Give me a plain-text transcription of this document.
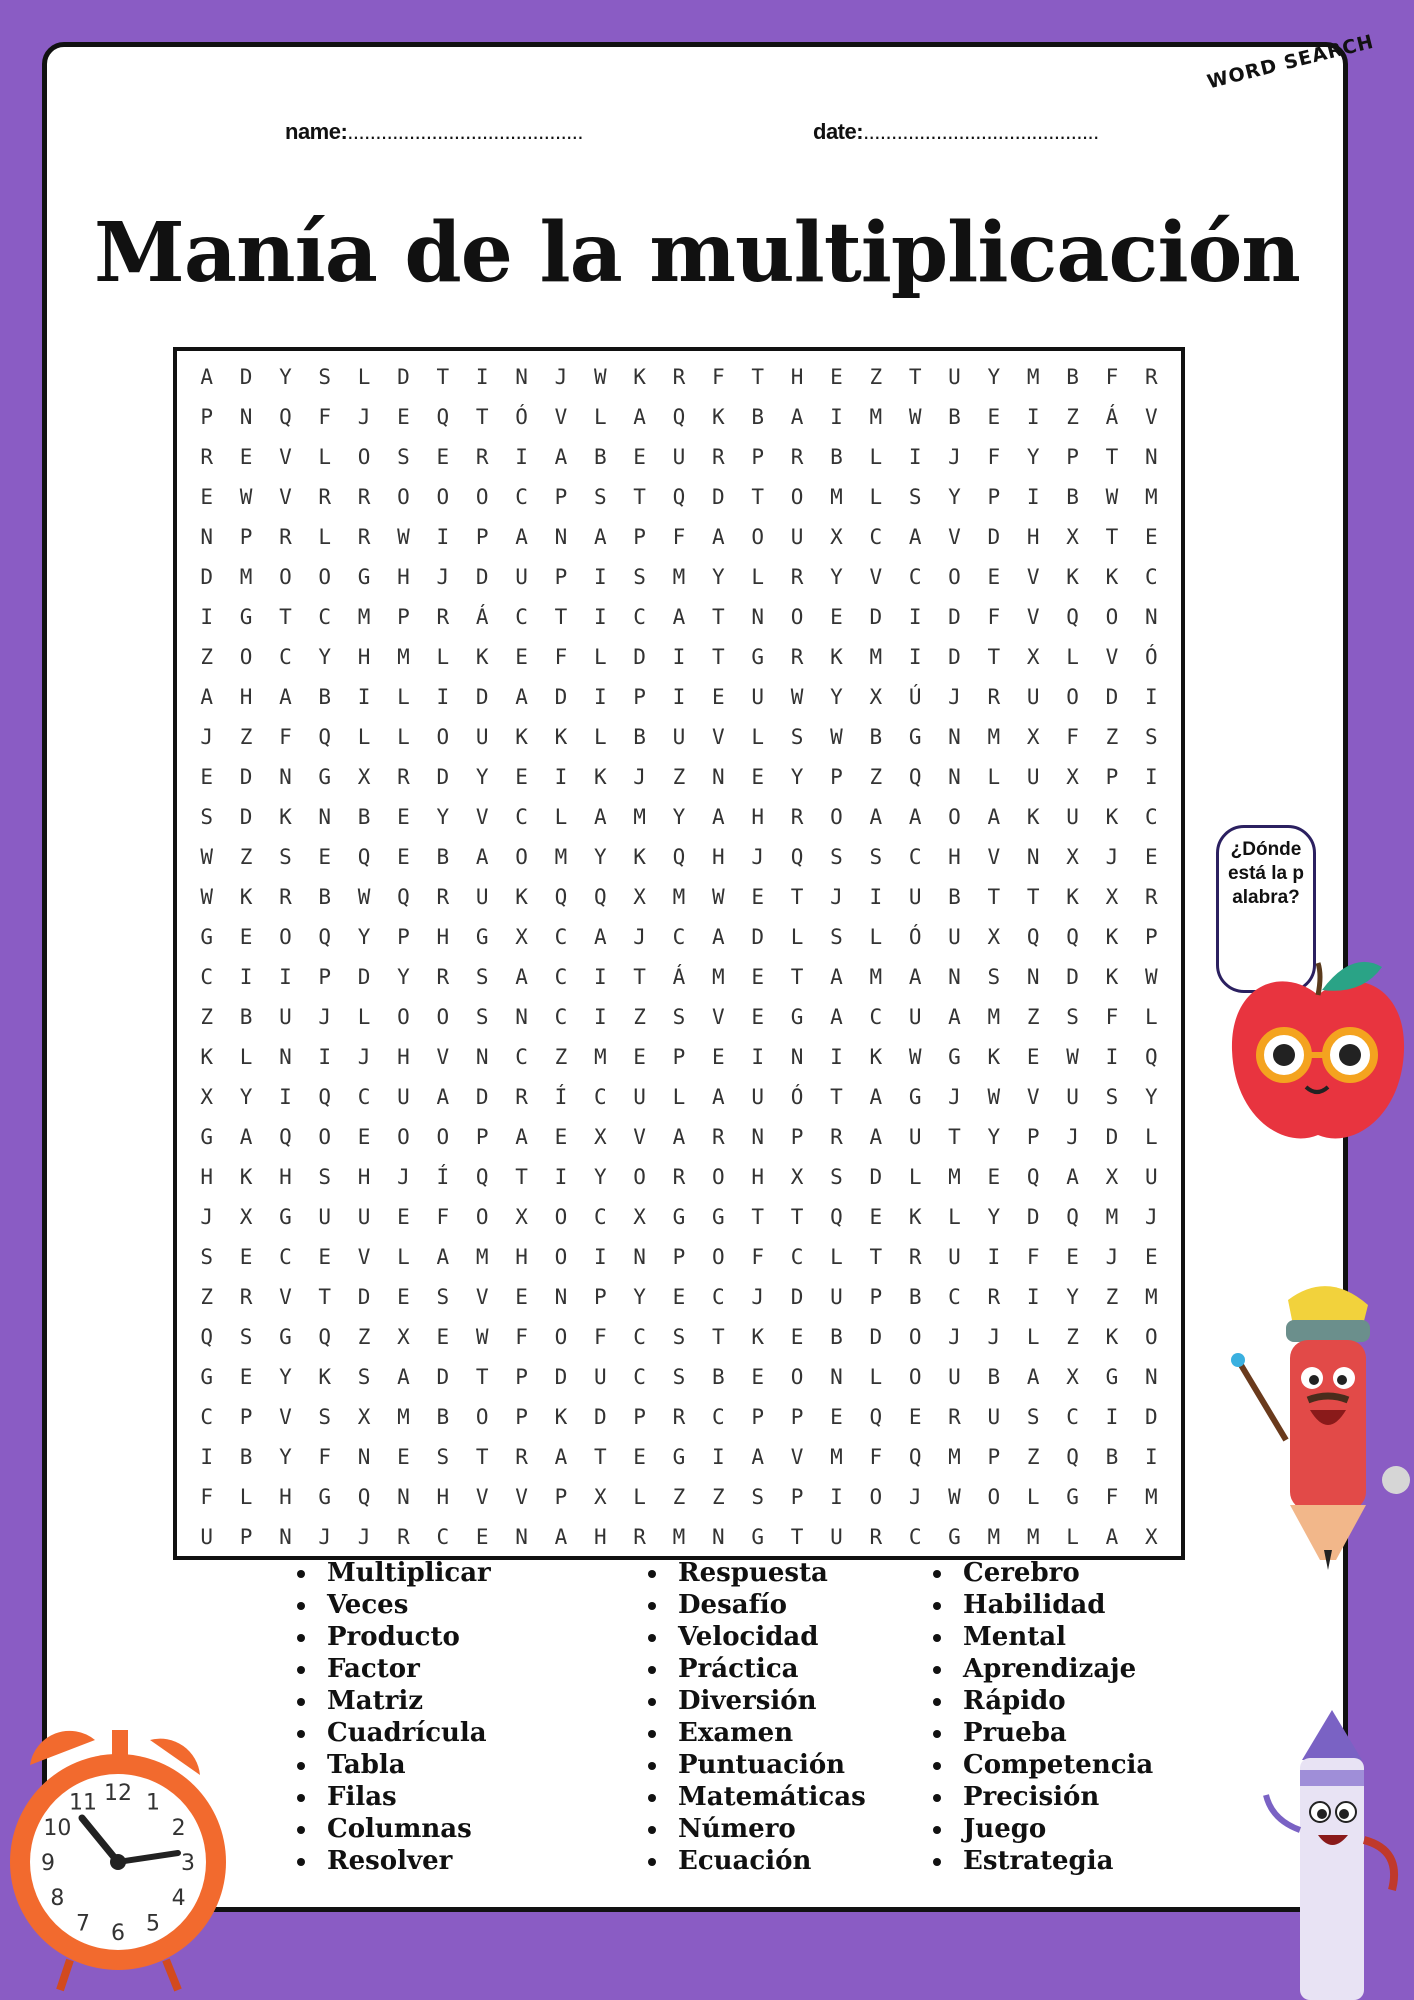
name:..........................................	date:..........................................
Manía de la multiplicación
A	D	Y	S	L	D	T	I	N	J	W	K	R	F	T	H	E	Z	T	U	Y	M	B	F	R
P	N	Q	F	J	E	Q	T	Ó	V	L	A	Q	K	B	A	I	M	W	B	E	I	Z	Á	V
R	E	V	L	O	S	E	R	I	A	B	E	U	R	P	R	B	L	I	J	F	Y	P	T	N
E	W	V	R	R	O	O	O	C	P	S	T	Q	D	T	O	M	L	S	Y	P	I	B	W	M
N	P	R	L	R	W	I	P	A	N	A	P	F	A	O	U	X	C	A	V	D	H	X	T	E
D	M	O	O	G	H	J	D	U	P	I	S	M	Y	L	R	Y	V	C	O	E	V	K	K	C
I	G	T	C	M	P	R	Á	C	T	I	C	A	T	N	O	E	D	I	D	F	V	Q	O	N
Z	O	C	Y	H	M	L	K	E	F	L	D	I	T	G	R	K	M	I	D	T	X	L	V	Ó
A	H	A	B	I	L	I	D	A	D	I	P	I	E	U	W	Y	X	Ú	J	R	U	O	D	I
J	Z	F	Q	L	L	O	U	K	K	L	B	U	V	L	S	W	B	G	N	M	X	F	Z	S
E	D	N	G	X	R	D	Y	E	I	K	J	Z	N	E	Y	P	Z	Q	N	L	U	X	P	I
S	D	K	N	B	E	Y	V	C	L	A	M	Y	A	H	R	O	A	A	O	A	K	U	K	C
W	Z	S	E	Q	E	B	A	O	M	Y	K	Q	H	J	Q	S	S	C	H	V	N	X	J	E
W	K	R	B	W	Q	R	U	K	Q	Q	X	M	W	E	T	J	I	U	B	T	T	K	X	R
G	E	O	Q	Y	P	H	G	X	C	A	J	C	A	D	L	S	L	Ó	U	X	Q	Q	K	P
C	I	I	P	D	Y	R	S	A	C	I	T	Á	M	E	T	A	M	A	N	S	N	D	K	W
Z	B	U	J	L	O	O	S	N	C	I	Z	S	V	E	G	A	C	U	A	M	Z	S	F	L
K	L	N	I	J	H	V	N	C	Z	M	E	P	E	I	N	I	K	W	G	K	E	W	I	Q
X	Y	I	Q	C	U	A	D	R	Í	C	U	L	A	U	Ó	T	A	G	J	W	V	U	S	Y
G	A	Q	O	E	O	O	P	A	E	X	V	A	R	N	P	R	A	U	T	Y	P	J	D	L
H	K	H	S	H	J	Í	Q	T	I	Y	O	R	O	H	X	S	D	L	M	E	Q	A	X	U
J	X	G	U	U	E	F	O	X	O	C	X	G	G	T	T	Q	E	K	L	Y	D	Q	M	J
S	E	C	E	V	L	A	M	H	O	I	N	P	O	F	C	L	T	R	U	I	F	E	J	E
Z	R	V	T	D	E	S	V	E	N	P	Y	E	C	J	D	U	P	B	C	R	I	Y	Z	M
Q	S	G	Q	Z	X	E	W	F	O	F	C	S	T	K	E	B	D	O	J	J	L	Z	K	O
G	E	Y	K	S	A	D	T	P	D	U	C	S	B	E	O	N	L	O	U	B	A	X	G	N
C	P	V	S	X	M	B	O	P	K	D	P	R	C	P	P	E	Q	E	R	U	S	C	I	D
I	B	Y	F	N	E	S	T	R	A	T	E	G	I	A	V	M	F	Q	M	P	Z	Q	B	I
F	L	H	G	Q	N	H	V	V	P	X	L	Z	Z	S	P	I	O	J	W	O	L	G	F	M
U	P	N	J	J	R	C	E	N	A	H	R	M	N	G	T	U	R	C	G	M	M	L	A	X
Multiplicar
Veces
Producto
Factor
Matriz
Cuadrícula
Tabla
Filas
Columnas
Resolver
Respuesta
Desafío
Velocidad
Práctica
Diversión
Examen
Puntuación
Matemáticas
Número
Ecuación
Cerebro
Habilidad
Mental
Aprendizaje
Rápido
Prueba
Competencia
Precisión
Juego
Estrategia
WORD SEARCH
¿Dónde está la palabra?
12 1
2
3
4
5
6
7
8
9
10
11
